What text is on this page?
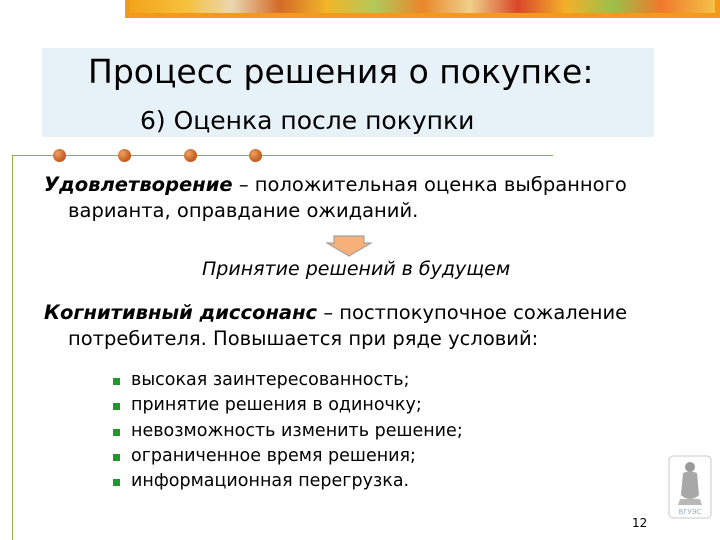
Процесс решения о покупке:
6) Оценка после покупки

Удовлетворение – положительная оценка выбранного
варианта, оправдание ожиданий.

Принятие решений в будущем

Когнитивный диссонанс – постпокупочное сожаление
потребителя. Повышается при ряде условий:

высокая заинтересованность;
принятие решения в одиночку;
невозможность изменить решение;
ограниченное время решения;
информационная перегрузка.
12
ВГУЭС
